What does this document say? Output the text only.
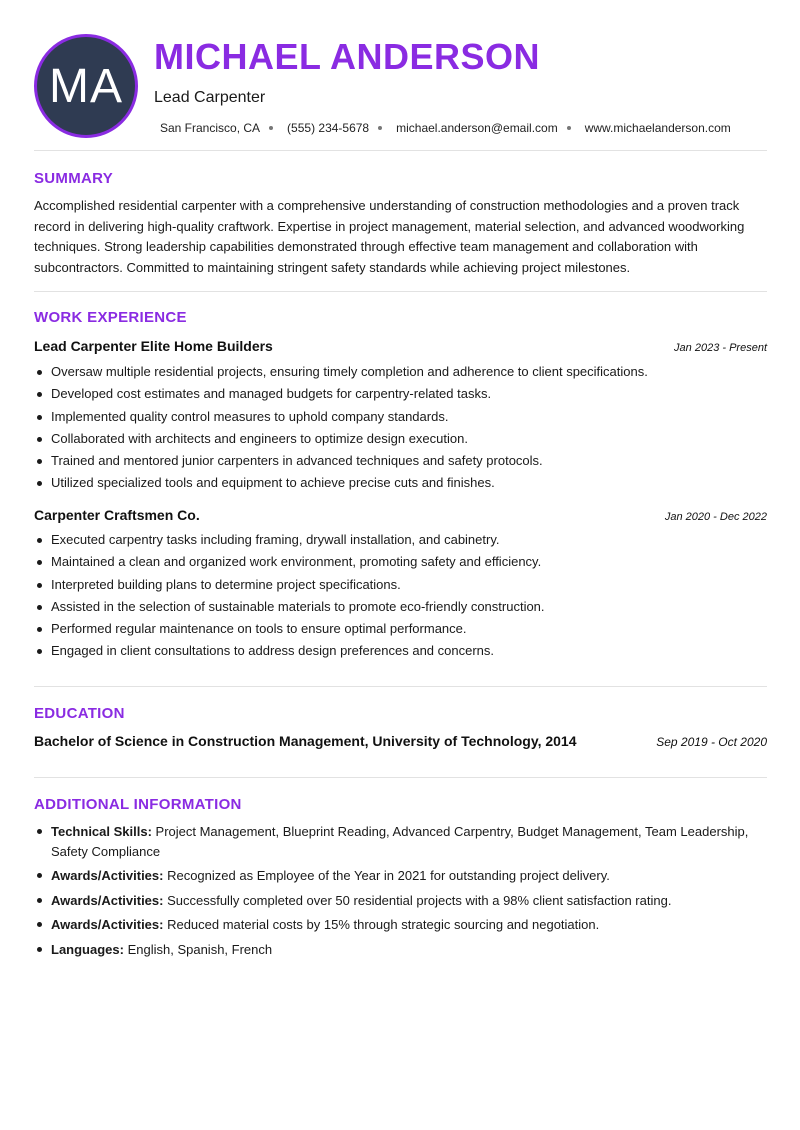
MA
MICHAEL ANDERSON
Lead Carpenter
San Francisco, CA (555) 234-5678 michael.anderson@email.com www.michaelanderson.com
SUMMARY
Accomplished residential carpenter with a comprehensive understanding of construction methodologies and a proven track record in delivering high-quality craftwork. Expertise in project management, material selection, and advanced woodworking techniques. Strong leadership capabilities demonstrated through effective team management and collaboration with subcontractors. Committed to maintaining stringent safety standards while achieving project milestones.
WORK EXPERIENCE
Lead Carpenter Elite Home Builders	Jan 2023 - Present
Oversaw multiple residential projects, ensuring timely completion and adherence to client specifications.
Developed cost estimates and managed budgets for carpentry-related tasks.
Implemented quality control measures to uphold company standards.
Collaborated with architects and engineers to optimize design execution.
Trained and mentored junior carpenters in advanced techniques and safety protocols.
Utilized specialized tools and equipment to achieve precise cuts and finishes.
Carpenter Craftsmen Co.	Jan 2020 - Dec 2022
Executed carpentry tasks including framing, drywall installation, and cabinetry.
Maintained a clean and organized work environment, promoting safety and efficiency.
Interpreted building plans to determine project specifications.
Assisted in the selection of sustainable materials to promote eco-friendly construction.
Performed regular maintenance on tools to ensure optimal performance.
Engaged in client consultations to address design preferences and concerns.
EDUCATION
Bachelor of Science in Construction Management, University of Technology, 2014	Sep 2019 - Oct 2020
ADDITIONAL INFORMATION
Technical Skills: Project Management, Blueprint Reading, Advanced Carpentry, Budget Management, Team Leadership, Safety Compliance
Awards/Activities: Recognized as Employee of the Year in 2021 for outstanding project delivery.
Awards/Activities: Successfully completed over 50 residential projects with a 98% client satisfaction rating.
Awards/Activities: Reduced material costs by 15% through strategic sourcing and negotiation.
Languages: English, Spanish, French
